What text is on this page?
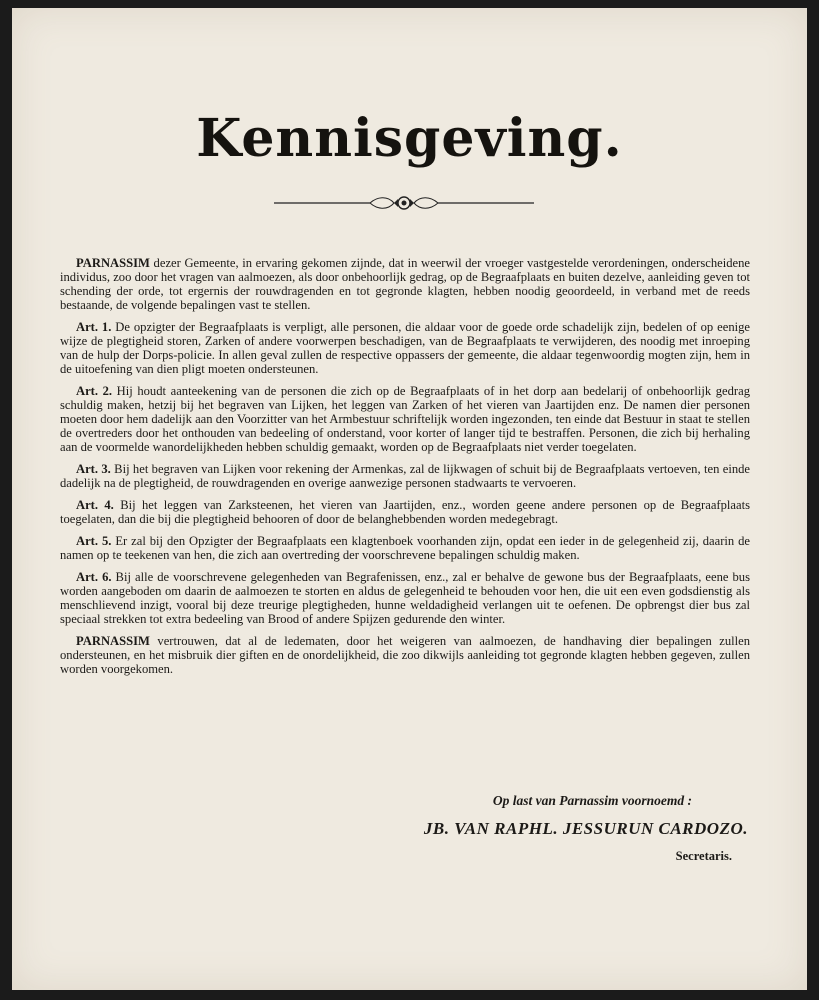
Kennisgeving.

PARNASSIM dezer Gemeente, in ervaring gekomen zijnde, dat in weerwil der vroeger vastgestelde verordeningen, onderscheidene individus, zoo door het vragen van aalmoezen, als door onbehoorlijk gedrag, op de Begraafplaats en buiten dezelve, aanleiding geven tot schending der orde, tot ergernis der rouwdragenden en tot gegronde klagten, hebben noodig geoordeeld, in verband met de reeds bestaande, de volgende bepalingen vast te stellen.

Art. 1. De opzigter der Begraafplaats is verpligt, alle personen, die aldaar voor de goede orde schadelijk zijn, bedelen of op eenige wijze de plegtigheid storen, Zarken of andere voorwerpen beschadigen, van de Begraafplaats te verwijderen, des noodig met inroeping van de hulp der Dorps-policie. In allen geval zullen de respective oppassers der gemeente, die aldaar tegenwoordig mogten zijn, hem in de uitoefening van dien pligt moeten ondersteunen.

Art. 2. Hij houdt aanteekening van de personen die zich op de Begraafplaats of in het dorp aan bedelarij of onbehoorlijk gedrag schuldig maken, hetzij bij het begraven van Lijken, het leggen van Zarken of het vieren van Jaartijden enz. De namen dier personen moeten door hem dadelijk aan den Voorzitter van het Armbestuur schriftelijk worden ingezonden, ten einde dat Bestuur in staat te stellen de overtreders door het onthouden van bedeeling of onderstand, voor korter of langer tijd te bestraffen. Personen, die zich bij herhaling aan de voormelde wanordelijkheden hebben schuldig gemaakt, worden op de Begraafplaats niet verder toegelaten.

Art. 3. Bij het begraven van Lijken voor rekening der Armenkas, zal de lijkwagen of schuit bij de Begraafplaats vertoeven, ten einde dadelijk na de plegtigheid, de rouwdragenden en overige aanwezige personen stadwaarts te vervoeren.

Art. 4. Bij het leggen van Zarksteenen, het vieren van Jaartijden, enz., worden geene andere personen op de Begraafplaats toegelaten, dan die bij die plegtigheid behooren of door de belanghebbenden worden medegebragt.

Art. 5. Er zal bij den Opzigter der Begraafplaats een klagtenboek voorhanden zijn, opdat een ieder in de gelegenheid zij, daarin de namen op te teekenen van hen, die zich aan overtreding der voorschrevene bepalingen schuldig maken.

Art. 6. Bij alle de voorschrevene gelegenheden van Begrafenissen, enz., zal er behalve de gewone bus der Begraafplaats, eene bus worden aangeboden om daarin de aalmoezen te storten en aldus de gelegenheid te behouden voor hen, die uit een even godsdienstig als menschlievend inzigt, vooral bij deze treurige plegtigheden, hunne weldadigheid verlangen uit te oefenen. De opbrengst dier bus zal speciaal strekken tot extra bedeeling van Brood of andere Spijzen gedurende den winter.

PARNASSIM vertrouwen, dat al de ledematen, door het weigeren van aalmoezen, de handhaving dier bepalingen zullen ondersteunen, en het misbruik dier giften en de onordelijkheid, die zoo dikwijls aanleiding tot gegronde klagten hebben gegeven, zullen worden voorgekomen.

Op last van Parnassim voornoemd :
JB. VAN RAPHL. JESSURUN CARDOZO.
Secretaris.
